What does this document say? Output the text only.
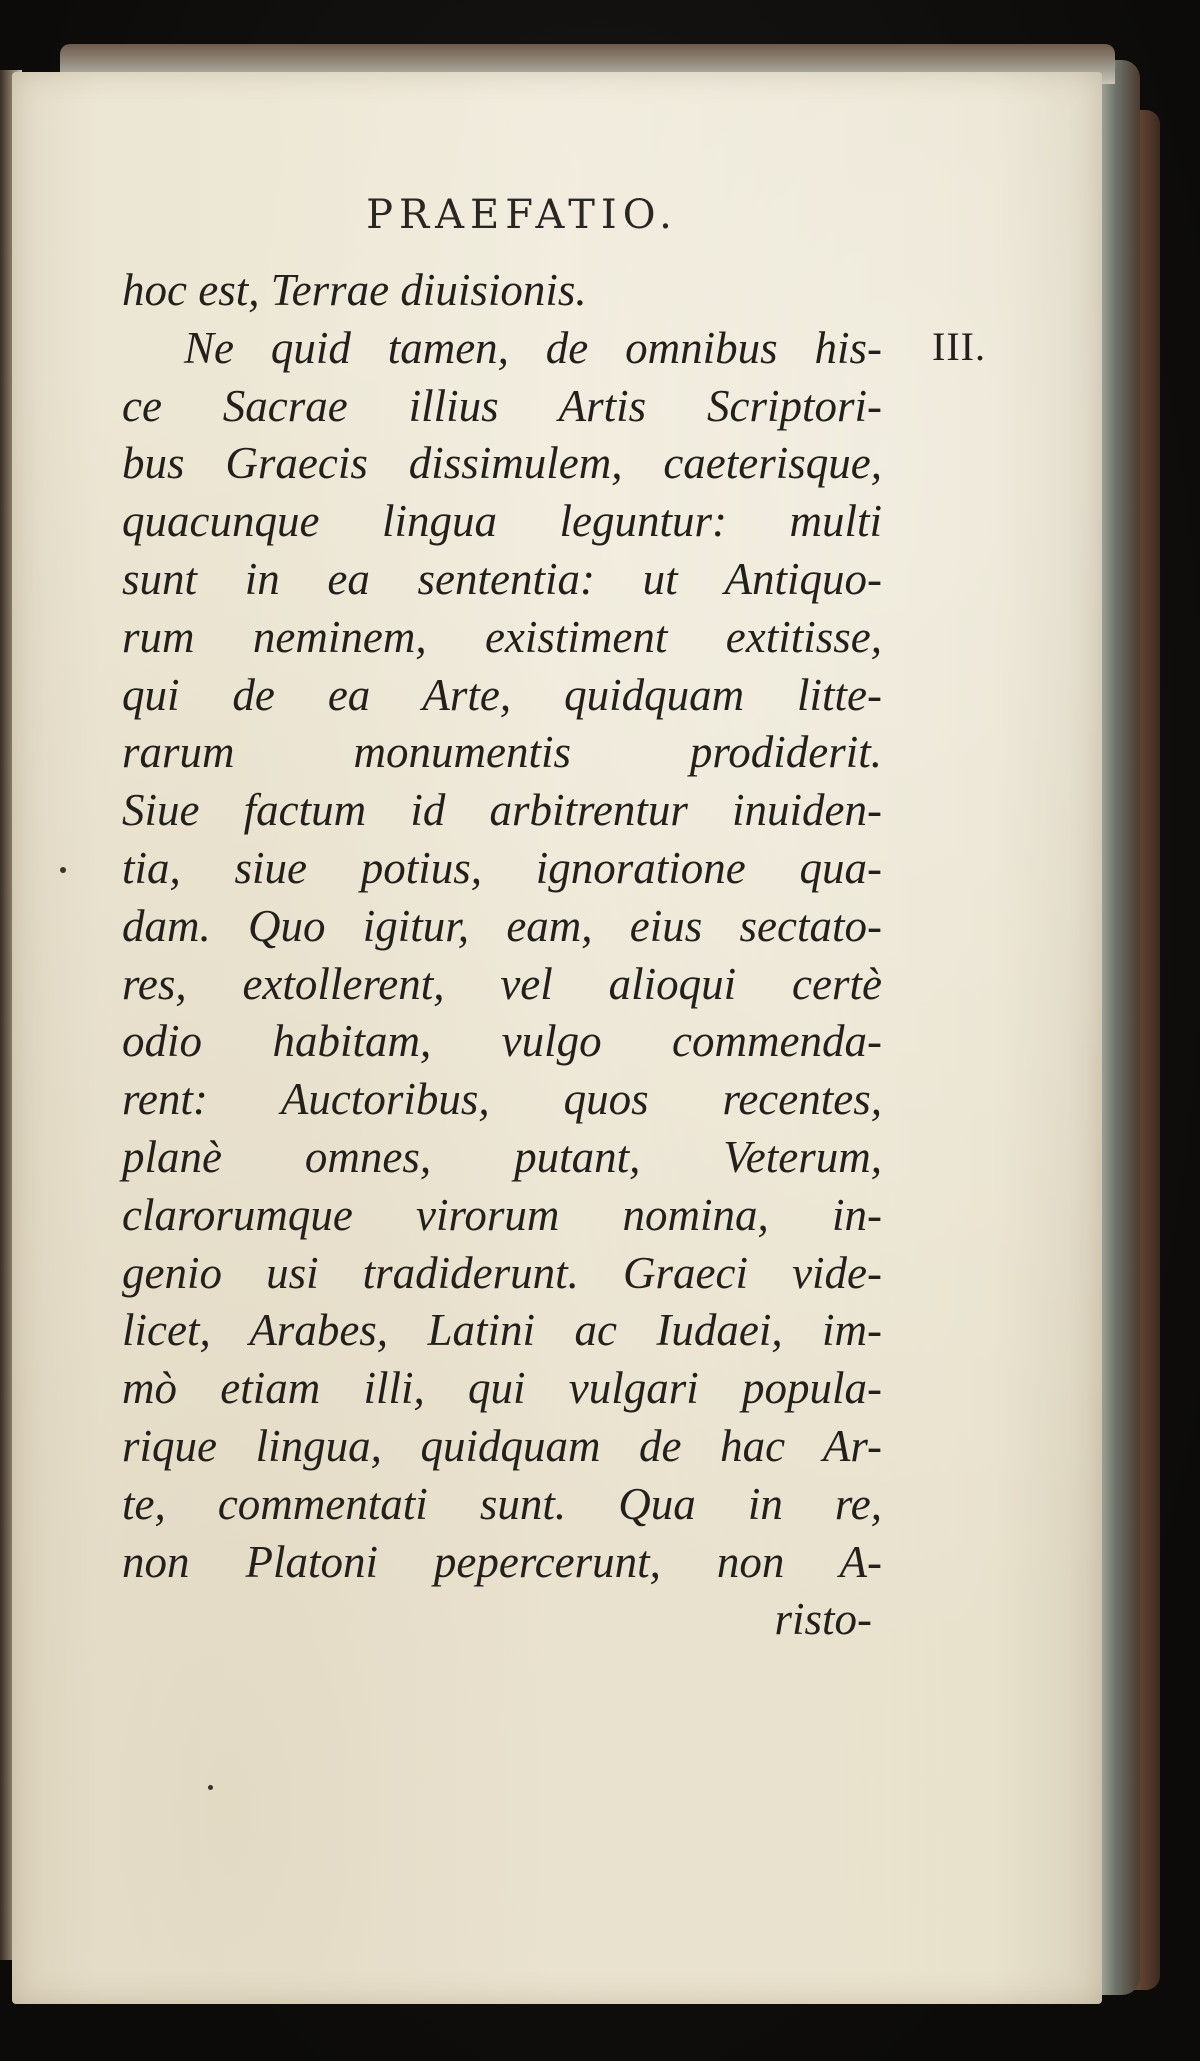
PRAEFATIO.
III.
hoc est, Terrae diuisionis.
Ne quid tamen, de omnibus his-
ce Sacrae illius Artis Scriptori-
bus Graecis dissimulem, caeterisque,
quacunque lingua leguntur: multi
sunt in ea sententia: ut Antiquo-
rum neminem, existiment extitisse,
qui de ea Arte, quidquam litte-
rarum monumentis prodiderit.
Siue factum id arbitrentur inuiden-
tia, siue potius, ignoratione qua-
dam. Quo igitur, eam, eius sectato-
res, extollerent, vel alioqui certè
odio habitam, vulgo commenda-
rent: Auctoribus, quos recentes,
planè omnes, putant, Veterum,
clarorumque virorum nomina, in-
genio usi tradiderunt. Graeci vide-
licet, Arabes, Latini ac Iudaei, im-
mò etiam illi, qui vulgari popula-
rique lingua, quidquam de hac Ar-
te, commentati sunt. Qua in re,
non Platoni pepercerunt, non A-
risto-
